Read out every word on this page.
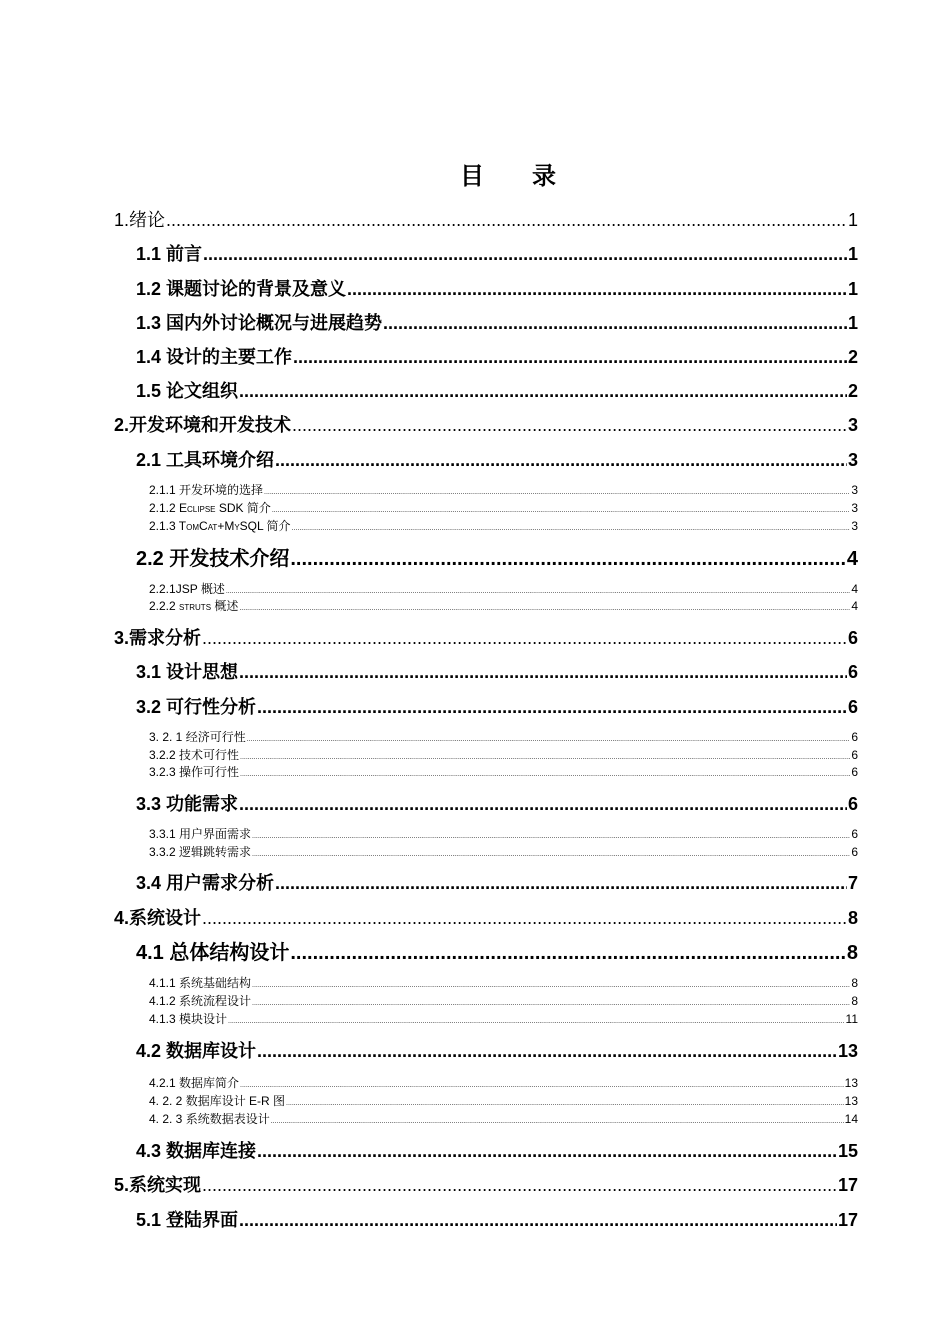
目 录
1.绪论 .....	1
1.1 前言 .....	1
1.2 课题讨论的背景及意义 .....	1
1.3 国内外讨论概况与进展趋势 .....	1
1.4 设计的主要工作 .....	2
1.5 论文组织 .....	2
2.开发环境和开发技术 .....	3
2.1 工具环境介绍 .....	3
2.1.1 开发环境的选择 .....	3
2.1.2 Eclipse SDK 简介 .....	3
2.1.3 TomCat+MySQL 简介 .....	3
2.2 开发技术介绍 .....	4
2.2.1JSP 概述 .....	4
2.2.2 struts 概述 .....	4
3.需求分析 .....	6
3.1 设计思想 .....	6
3.2 可行性分析 .....	6
3. 2. 1 经济可行性 .....	6
3.2.2 技术可行性 .....	6
3.2.3 操作可行性 .....	6
3.3 功能需求 .....	6
3.3.1 用户界面需求 .....	6
3.3.2 逻辑跳转需求 .....	6
3.4 用户需求分析 .....	7
4.系统设计 .....	8
4.1 总体结构设计 .....	8
4.1.1 系统基础结构 .....	8
4.1.2 系统流程设计 .....	8
4.1.3 模块设计 .....	11
4.2 数据库设计 .....	13
4.2.1 数据库简介 .....	13
4. 2. 2 数据库设计 E-R 图 .....	13
4. 2. 3 系统数据表设计 .....	14
4.3 数据库连接 .....	15
5.系统实现 .....	17
5.1 登陆界面 .....	17
